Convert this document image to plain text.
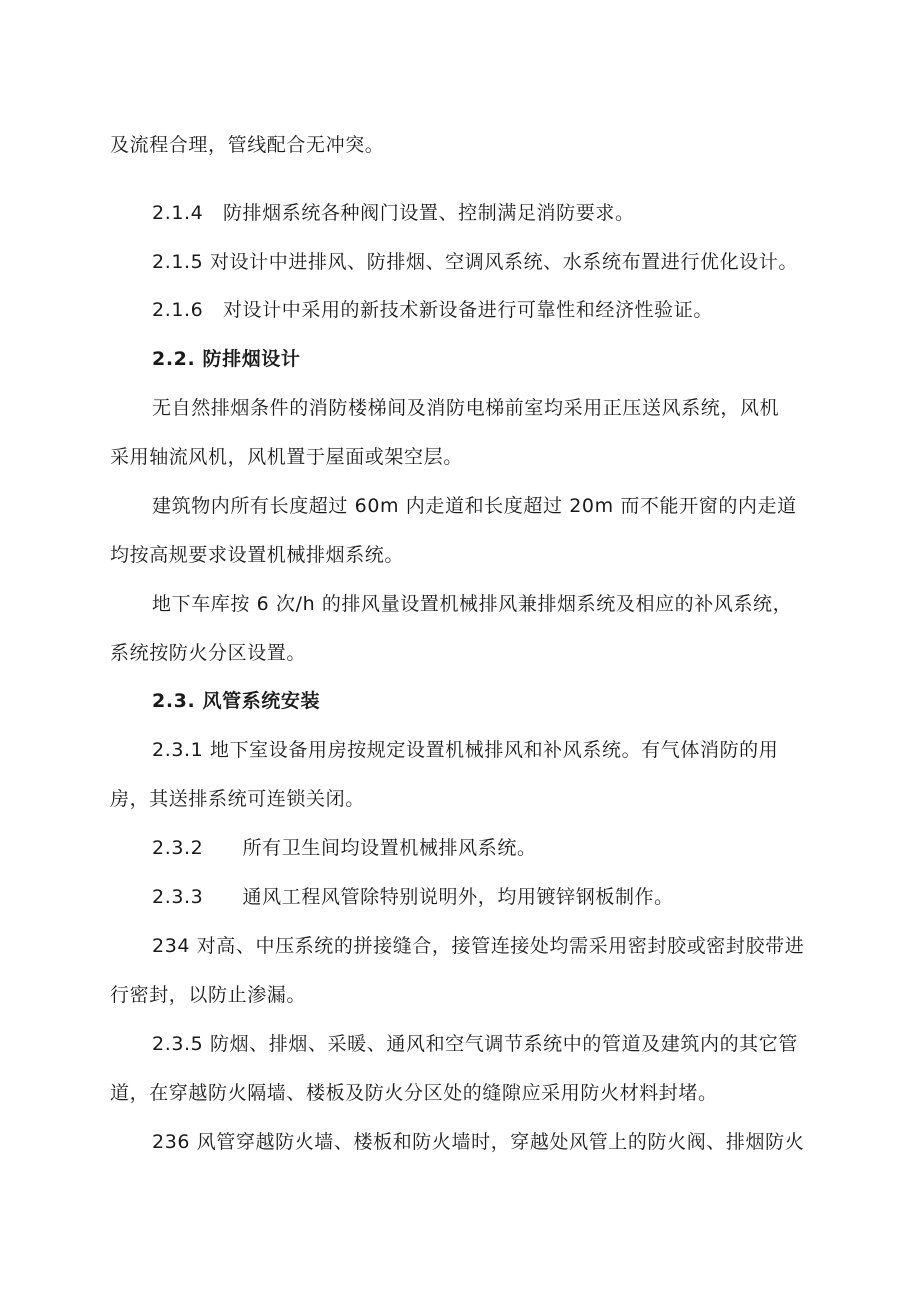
及流程合理，管线配合无冲突。
2.1.4　防排烟系统各种阀门设置、控制满足消防要求。
2.1.5 对设计中进排风、防排烟、空调风系统、水系统布置进行优化设计。
2.1.6　对设计中采用的新技术新设备进行可靠性和经济性验证。
2.2. 防排烟设计
无自然排烟条件的消防楼梯间及消防电梯前室均采用正压送风系统，风机
采用轴流风机，风机置于屋面或架空层。
建筑物内所有长度超过 60m 内走道和长度超过 20m 而不能开窗的内走道
均按高规要求设置机械排烟系统。
地下车库按 6 次/h 的排风量设置机械排风兼排烟系统及相应的补风系统，
系统按防火分区设置。
2.3. 风管系统安装
2.3.1 地下室设备用房按规定设置机械排风和补风系统。有气体消防的用
房，其送排系统可连锁关闭。
2.3.2　　所有卫生间均设置机械排风系统。
2.3.3　　通风工程风管除特别说明外，均用镀锌钢板制作。
234 对高、中压系统的拼接缝合，接管连接处均需采用密封胶或密封胶带进
行密封，以防止渗漏。
2.3.5 防烟、排烟、采暖、通风和空气调节系统中的管道及建筑内的其它管
道，在穿越防火隔墙、楼板及防火分区处的缝隙应采用防火材料封堵。
236 风管穿越防火墙、楼板和防火墙时，穿越处风管上的防火阀、排烟防火
